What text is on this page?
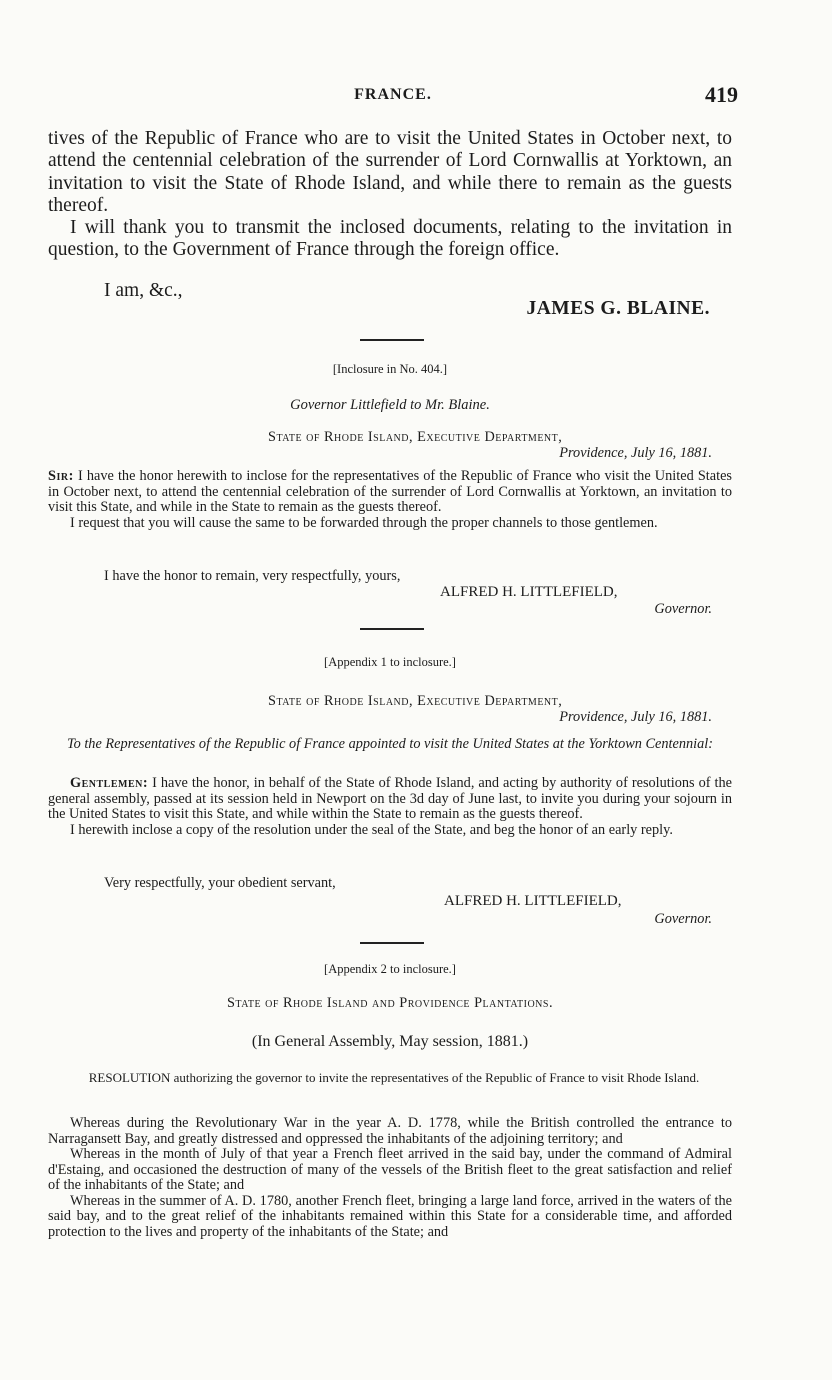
FRANCE.	419

tives of the Republic of France who are to visit the United States in October next, to attend the centennial celebration of the surrender of Lord Cornwallis at Yorktown, an invitation to visit the State of Rhode Island, and while there to remain as the guests thereof.

I will thank you to transmit the inclosed documents, relating to the invitation in question, to the Government of France through the foreign office.

I am, &c.,
JAMES G. BLAINE.
[Inclosure in No. 404.]
Governor Littlefield to Mr. Blaine.
State of Rhode Island, Executive Department,
Providence, July 16, 1881.

Sir: I have the honor herewith to inclose for the representatives of the Republic of France who visit the United States in October next, to attend the centennial celebration of the surrender of Lord Cornwallis at Yorktown, an invitation to visit this State, and while in the State to remain as the guests thereof.

I request that you will cause the same to be forwarded through the proper channels to those gentlemen.

I have the honor to remain, very respectfully, yours,
ALFRED H. LITTLEFIELD,
Governor.
[Appendix 1 to inclosure.]
State of Rhode Island, Executive Department,
Providence, July 16, 1881.
To the Representatives of the Republic of France appointed to visit the United States at the Yorktown Centennial:

Gentlemen: I have the honor, in behalf of the State of Rhode Island, and acting by authority of resolutions of the general assembly, passed at its session held in Newport on the 3d day of June last, to invite you during your sojourn in the United States to visit this State, and while within the State to remain as the guests thereof.

I herewith inclose a copy of the resolution under the seal of the State, and beg the honor of an early reply.

Very respectfully, your obedient servant,
ALFRED H. LITTLEFIELD,
Governor.
[Appendix 2 to inclosure.]
State of Rhode Island and Providence Plantations.
(In General Assembly, May session, 1881.)
RESOLUTION authorizing the governor to invite the representatives of the Republic of France to visit Rhode Island.

Whereas during the Revolutionary War in the year A. D. 1778, while the British controlled the entrance to Narragansett Bay, and greatly distressed and oppressed the inhabitants of the adjoining territory; and

Whereas in the month of July of that year a French fleet arrived in the said bay, under the command of Admiral d'Estaing, and occasioned the destruction of many of the vessels of the British fleet to the great satisfaction and relief of the inhabitants of the State; and

Whereas in the summer of A. D. 1780, another French fleet, bringing a large land force, arrived in the waters of the said bay, and to the great relief of the inhabitants remained within this State for a considerable time, and afforded protection to the lives and property of the inhabitants of the State; and
